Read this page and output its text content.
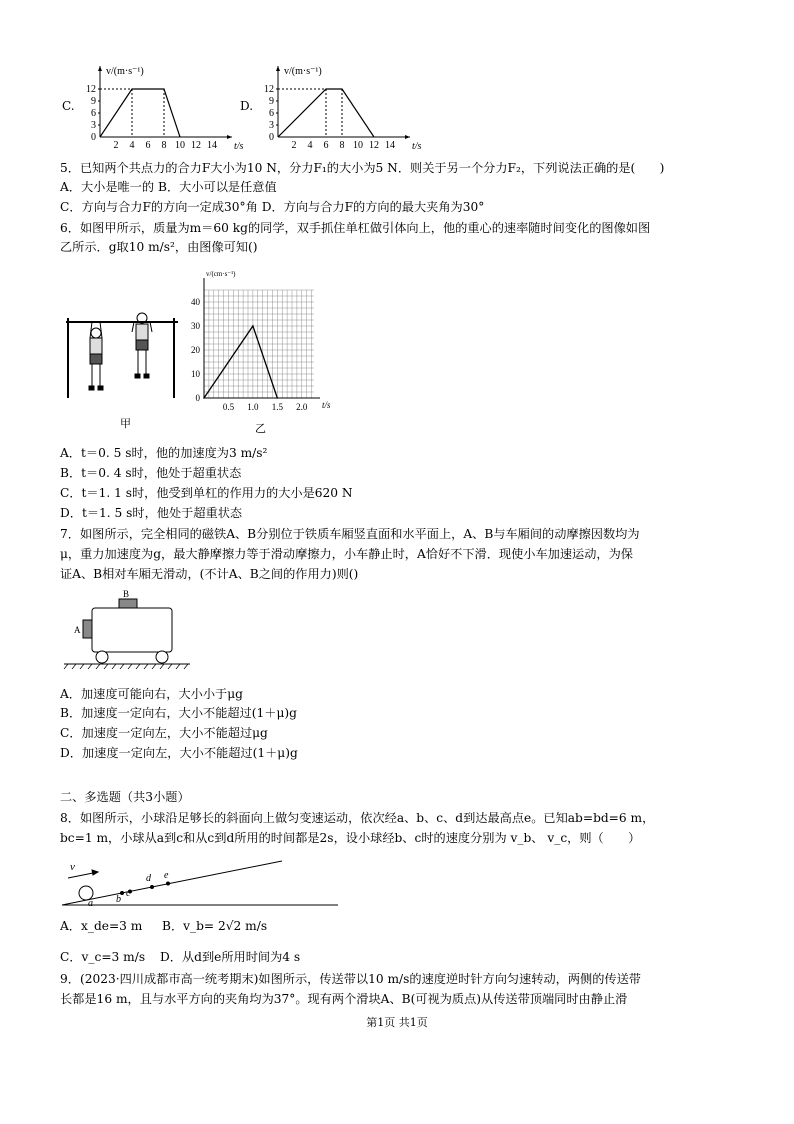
C.
v/(m·s⁻¹)
t/s
0
3
6
9
12
2 4 6 8 10 12 14
D.
v/(m·s⁻¹)
t/s
0
3
6
9
12
2 4 6 8 10 12 14
5．已知两个共点力的合力F大小为10 N，分力F₁的大小为5 N．则关于另一个分力F₂，下列说法正确的是(　　)
A．大小是唯一的 B．大小可以是任意值
C．方向与合力F的方向一定成30°角 D．方向与合力F的方向的最大夹角为30°
6．如图甲所示，质量为m＝60 kg的同学，双手抓住单杠做引体向上，他的重心的速率随时间变化的图像如图
乙所示．g取10 m/s²，由图像可知()
甲
v/(cm·s⁻¹)
t/s
0
10
20
30
40
0.5 1.0 1.5 2.0
乙
A．t＝0. 5 s时，他的加速度为3 m/s²
B．t＝0. 4 s时，他处于超重状态
C．t＝1. 1 s时，他受到单杠的作用力的大小是620 N
D．t＝1. 5 s时，他处于超重状态
7．如图所示，完全相同的磁铁A、B分别位于铁质车厢竖直面和水平面上，A、B与车厢间的动摩擦因数均为
μ，重力加速度为g，最大静摩擦力等于滑动摩擦力，小车静止时，A恰好不下滑．现使小车加速运动，为保
证A、B相对车厢无滑动，(不计A、B之间的作用力)则()
B
A
A．加速度可能向右，大小小于μg
B．加速度一定向右，大小不能超过(1＋μ)g
C．加速度一定向左，大小不能超过μg
D．加速度一定向左，大小不能超过(1＋μ)g
二、多选题（共3小题）
8．如图所示，小球沿足够长的斜面向上做匀变速运动，依次经a、b、c、d到达最高点e。已知ab=bd=6 m，
bc=1 m，小球从a到c和从c到d所用的时间都是2s，设小球经b、c时的速度分别为 v_b、 v_c，则（　　）
v
a b
c
d e
A．x_de=3 m B．v_b= 2√2 m/s
C．v_c=3 m/s D．从d到e所用时间为4 s
9．(2023·四川成都市高一统考期末)如图所示，传送带以10 m/s的速度逆时针方向匀速转动，两侧的传送带
长都是16 m，且与水平方向的夹角均为37°。现有两个滑块A、B(可视为质点)从传送带顶端同时由静止滑
第1页 共1页
